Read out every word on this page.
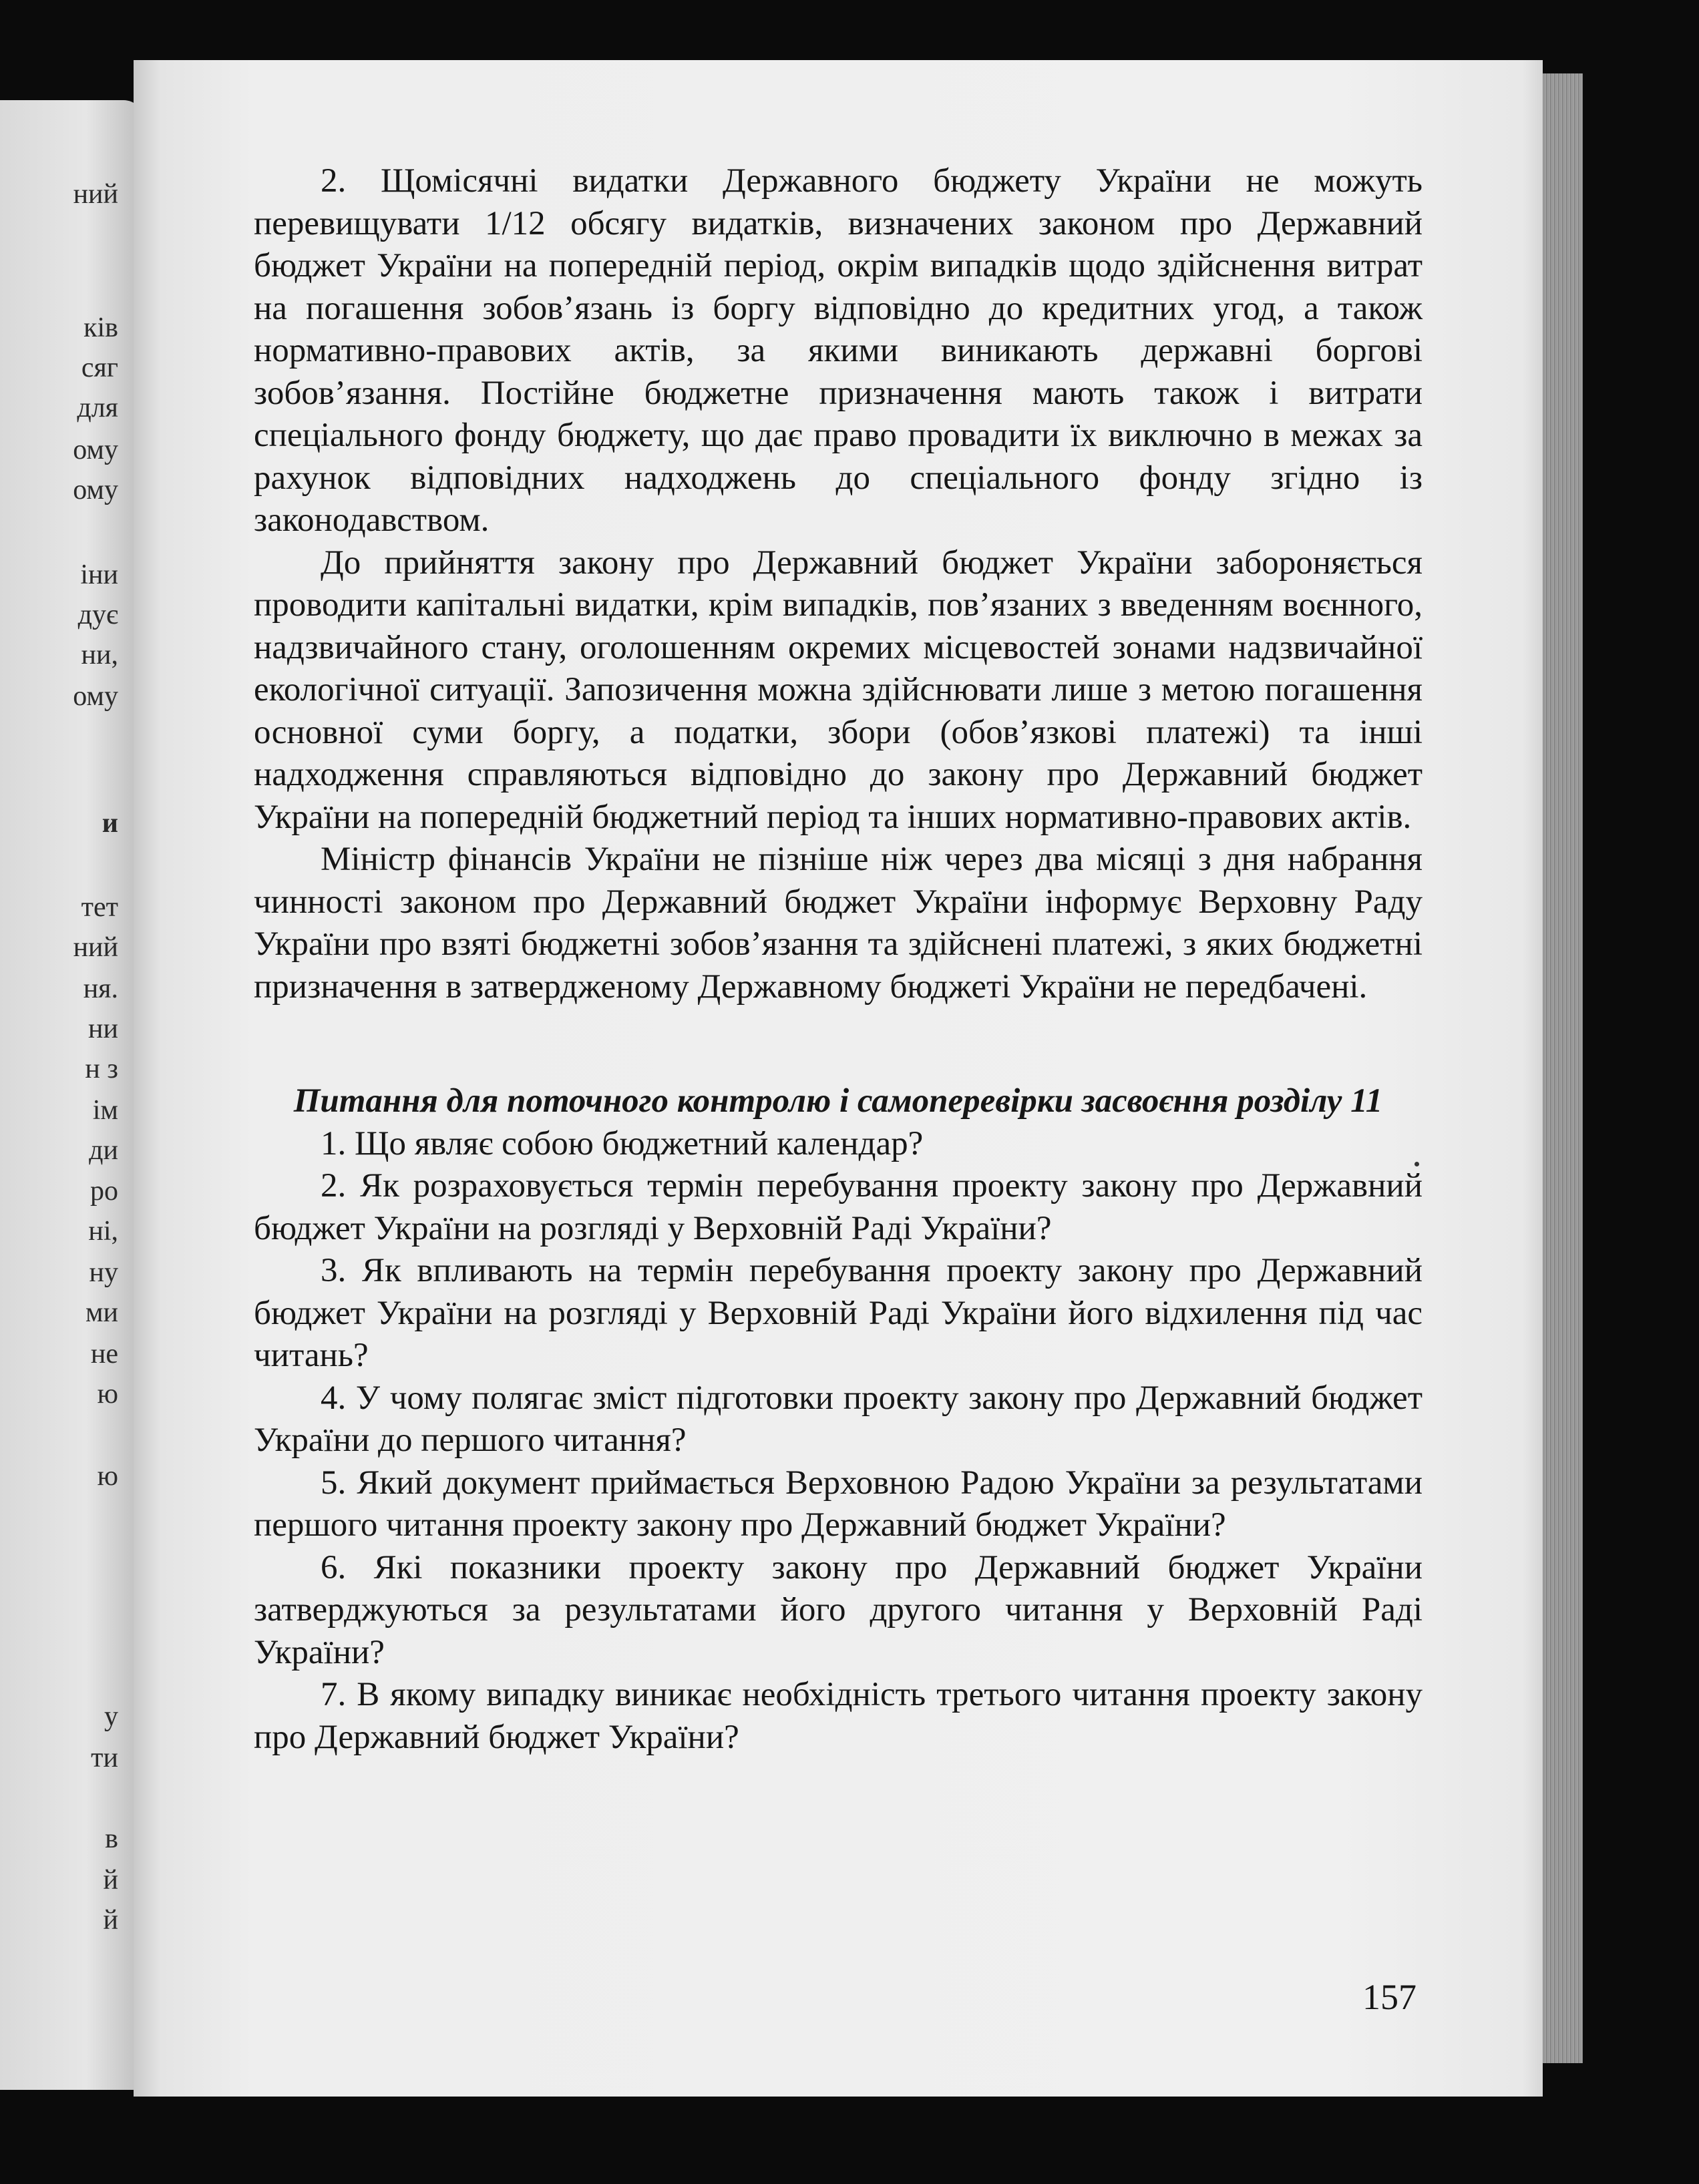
ний
ків
сяг
для
ому
ому
іни
дує
ни,
ому
и
тет
ний
ня.
ни
н з
ім
ди
ро
ні,
ну
ми
не
ю
ю
у
ти
в
й
й

2. Щомісячні видатки Державного бюджету України не можуть перевищувати 1/12 обсягу видатків, визначених законом про Державний бюджет України на попередній період, окрім випадків щодо здійснення витрат на погашення зобов’язань із боргу відповідно до кредитних угод, а також нормативно-правових актів, за якими виникають державні боргові зобов’язання. Постійне бюджетне призначення мають також і витрати спеціального фонду бюджету, що дає право провадити їх виключно в межах за рахунок відповідних надходжень до спеціального фонду згідно із законодавством.

До прийняття закону про Державний бюджет України забороняється проводити капітальні видатки, крім випадків, пов’язаних з введенням воєнного, надзвичайного стану, оголошенням окремих місцевостей зонами надзвичайної екологічної ситуації. Запозичення можна здійснювати лише з метою погашення основної суми боргу, а податки, збори (обов’язкові платежі) та інші надходження справляються відповідно до закону про Державний бюджет України на попередній бюджетний період та інших нормативно-правових актів.

Міністр фінансів України не пізніше ніж через два місяці з дня набрання чинності законом про Державний бюджет України інформує Верховну Раду України про взяті бюджетні зобов’язання та здійснені платежі, з яких бюджетні призначення в затвердженому Державному бюджеті України не передбачені.

Питання для поточного контролю і самоперевірки засвоєння розділу 11

1. Що являє собою бюджетний календар?
2. Як розраховується термін перебування проекту закону про Державний бюджет України на розгляді у Верховній Раді України?
3. Як впливають на термін перебування проекту закону про Державний бюджет України на розгляді у Верховній Раді України його відхилення під час читань?
4. У чому полягає зміст підготовки проекту закону про Державний бюджет України до першого читання?
5. Який документ приймається Верховною Радою України за результатами першого читання проекту закону про Державний бюджет України?
6. Які показники проекту закону про Державний бюджет України затверджуються за результатами його другого читання у Верховній Раді України?
7. В якому випадку виникає необхідність третього читання проекту закону про Державний бюджет України?
157
